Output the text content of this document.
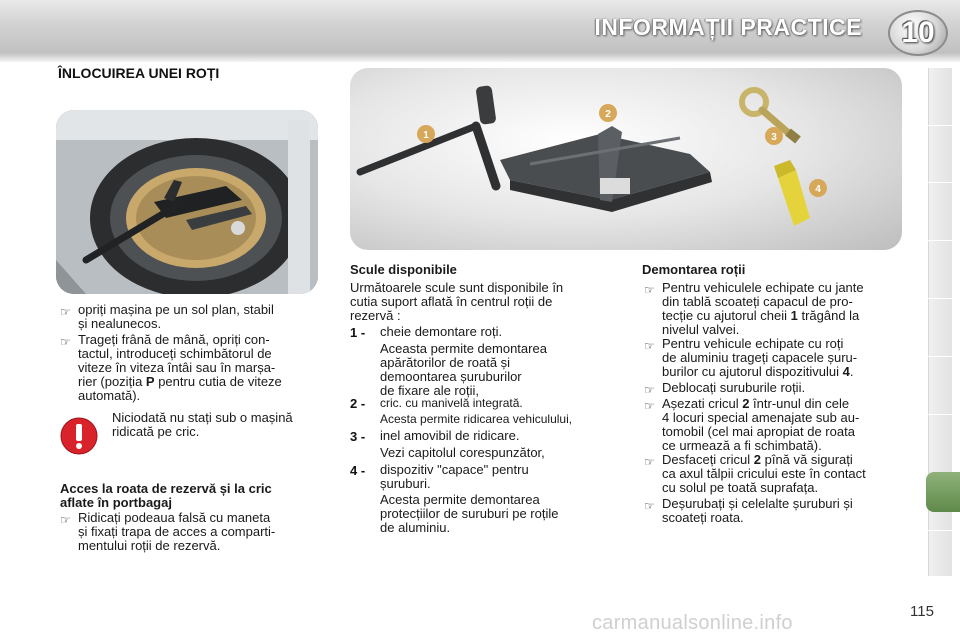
INFORMAȚII PRACTICE	10
ÎNLOCUIREA UNEI ROȚI
1
2
3
4
☞ opriți mașina pe un sol plan, stabil
și nealunecos.
☞ Trageți frână de mână, opriți con-
tactul, introduceți schimbătorul de
viteze în viteza întâi sau în marșa-
rier (poziția P pentru cutia de viteze
automată).
Niciodată nu stați sub o mașină
ridicată pe cric.
Acces la roata de rezervă și la cric
aflate în portbagaj
☞ Ridicați podeaua falsă cu maneta
și fixați trapa de acces a comparti-
mentului roții de rezervă.
Scule disponibile
Următoarele scule sunt disponibile în
cutia suport aflată în centrul roții de
rezervă :
1 - cheie demontare roți.
Aceasta permite demontarea
apărătorilor de roată și
demoontarea șuruburilor
de fixare ale roții,
2 - cric. cu manivelă integrată.
Acesta permite ridicarea vehiculului,
3 - inel amovibil de ridicare.
Vezi capitolul corespunzător,
4 - dispozitiv "capace" pentru
șuruburi.
Acesta permite demontarea
protecțiilor de suruburi pe roțile
de aluminiu.
Demontarea roții
☞ Pentru vehiculele echipate cu jante
din tablă scoateți capacul de pro-
tecție cu ajutorul cheii 1 trăgând la
nivelul valvei.
☞ Pentru vehicule echipate cu roți
de aluminiu trageți capacele șuru-
burilor cu ajutorul dispozitivului 4.
☞ Deblocați suruburile roții.
☞ Așezati cricul 2 într-unul din cele
4 locuri special amenajate sub au-
tomobil (cel mai apropiat de roata
ce urmează a fi schimbată).
☞ Desfaceți cricul 2 pînă vă sigurați
ca axul tălpii cricului este în contact
cu solul pe toată suprafața.
☞ Deșurubați și celelalte șuruburi și
scoateți roata.
carmanualsonline.info
115
